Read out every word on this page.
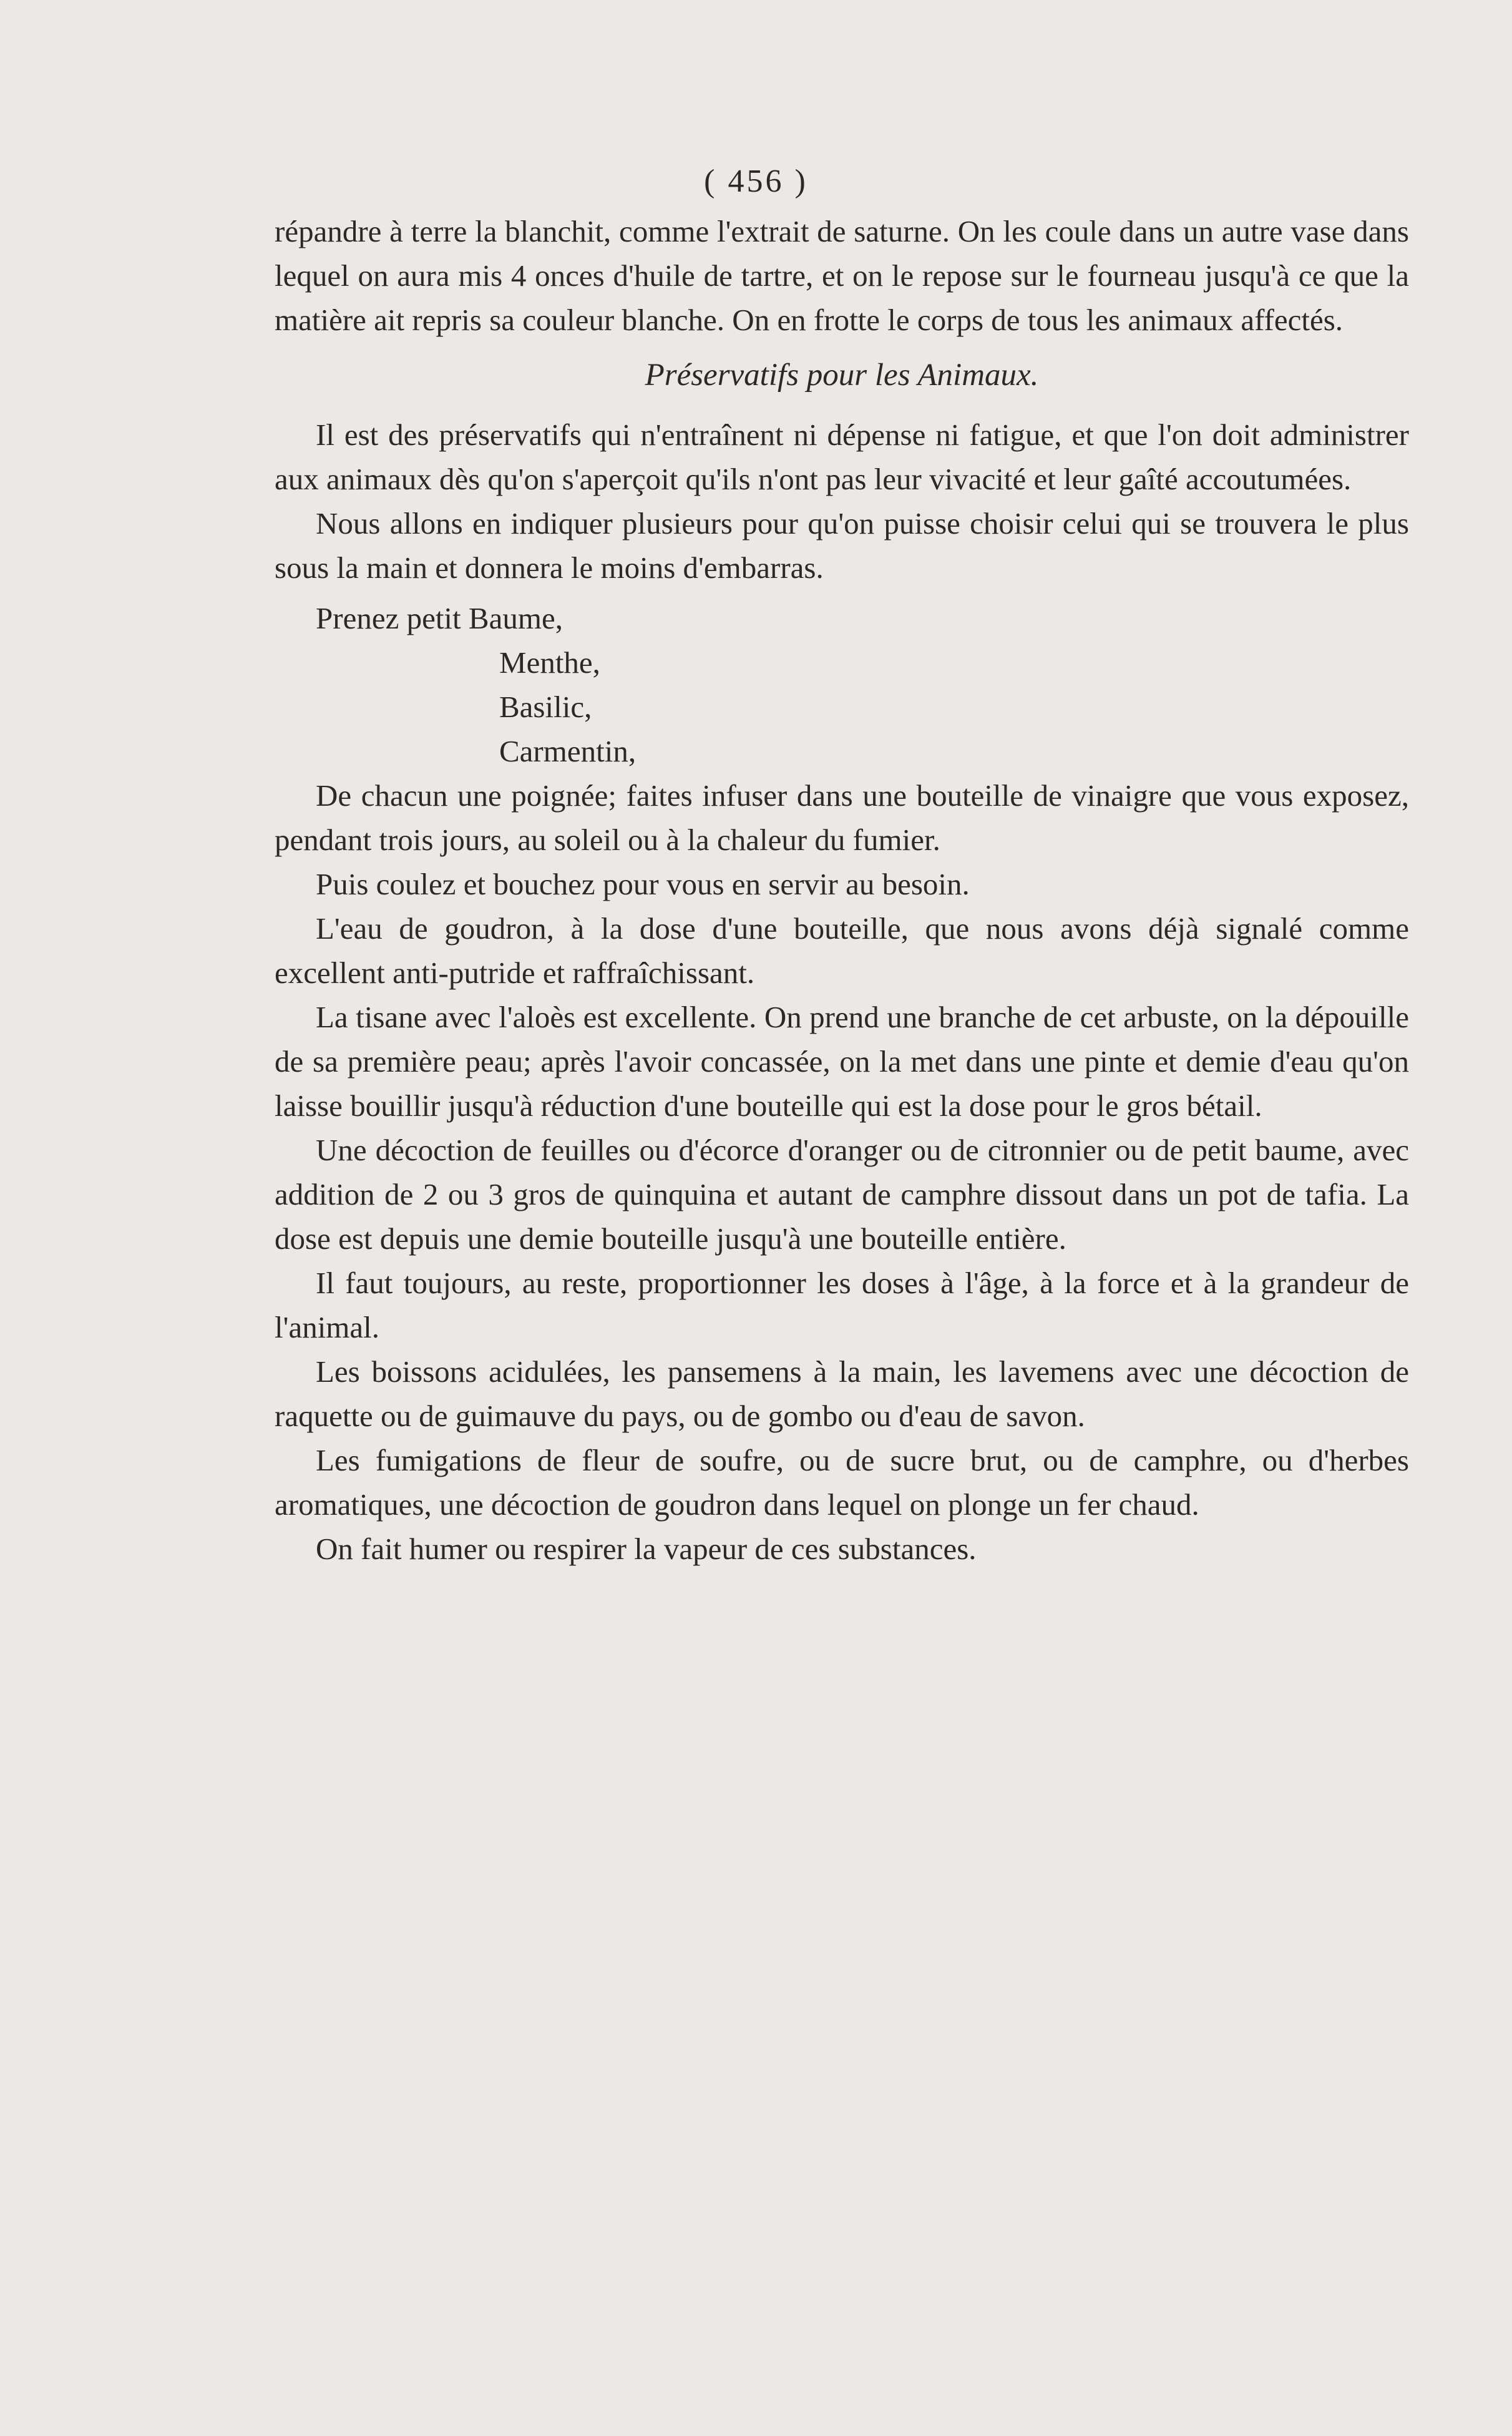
( 456 )

répandre à terre la blanchit, comme l'extrait de saturne. On les coule dans un autre vase dans lequel on aura mis 4 onces d'huile de tartre, et on le repose sur le fourneau jusqu'à ce que la matière ait repris sa couleur blanche. On en frotte le corps de tous les animaux affectés.

Préservatifs pour les Animaux.

Il est des préservatifs qui n'entraînent ni dépense ni fatigue, et que l'on doit administrer aux animaux dès qu'on s'aperçoit qu'ils n'ont pas leur vivacité et leur gaîté accoutumées.

Nous allons en indiquer plusieurs pour qu'on puisse choisir celui qui se trouvera le plus sous la main et donnera le moins d'embarras.

Prenez petit Baume,
Menthe,
Basilic,
Carmentin,

De chacun une poignée; faites infuser dans une bouteille de vinaigre que vous exposez, pendant trois jours, au soleil ou à la chaleur du fumier.

Puis coulez et bouchez pour vous en servir au besoin.

L'eau de goudron, à la dose d'une bouteille, que nous avons déjà signalé comme excellent anti-putride et raffraîchissant.

La tisane avec l'aloès est excellente. On prend une branche de cet arbuste, on la dépouille de sa première peau; après l'avoir concassée, on la met dans une pinte et demie d'eau qu'on laisse bouillir jusqu'à réduction d'une bouteille qui est la dose pour le gros bétail.

Une décoction de feuilles ou d'écorce d'oranger ou de citronnier ou de petit baume, avec addition de 2 ou 3 gros de quinquina et autant de camphre dissout dans un pot de tafia. La dose est depuis une demie bouteille jusqu'à une bouteille entière.

Il faut toujours, au reste, proportionner les doses à l'âge, à la force et à la grandeur de l'animal.

Les boissons acidulées, les pansemens à la main, les lavemens avec une décoction de raquette ou de guimauve du pays, ou de gombo ou d'eau de savon.

Les fumigations de fleur de soufre, ou de sucre brut, ou de camphre, ou d'herbes aromatiques, une décoction de goudron dans lequel on plonge un fer chaud.

On fait humer ou respirer la vapeur de ces substances.
